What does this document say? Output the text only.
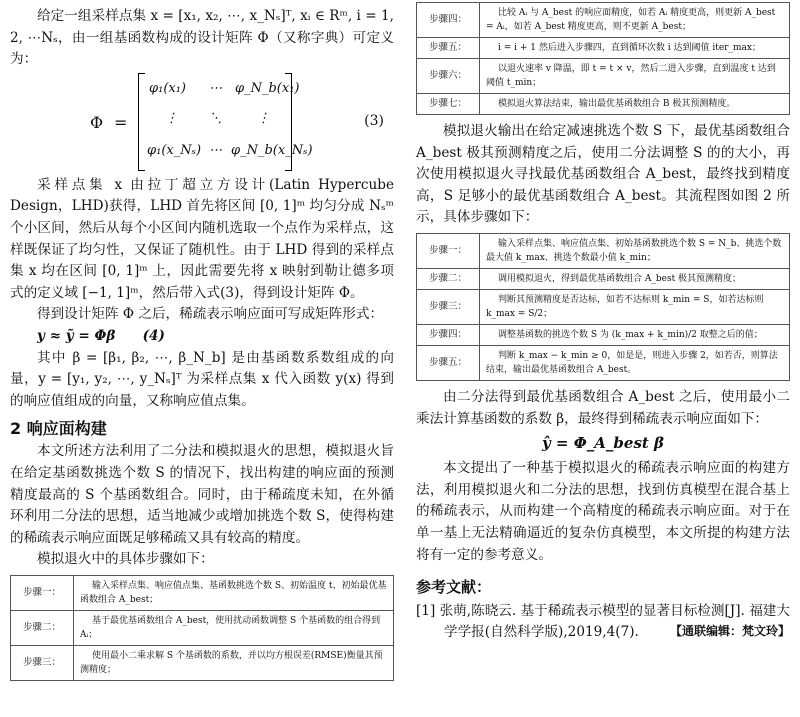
给定一组采样点集 x = [x₁, x₂, ⋯, x_Nₛ]ᵀ, xᵢ ∈ Rᵐ, i = 1, 2, ⋯Nₛ，由一组基函数构成的设计矩阵 Φ（又称字典）可定义为：

Φ =
φ₁(x₁) ⋯ φ_N_b(x₁)
⋮ ⋱	⋮
φ₁(x_Nₛ) ⋯ φ_N_b(x_Nₛ)
(3)

采样点集 x 由拉丁超立方设计(Latin Hypercube Design，LHD)获得，LHD 首先将区间 [0, 1]ᵐ 均匀分成 Nₛᵐ 个小区间，然后从每个小区间内随机选取一个点作为采样点，这样既保证了均匀性，又保证了随机性。由于 LHD 得到的采样点集 x 均在区间 [0, 1]ᵐ 上，因此需要先将 x 映射到勒让德多项式的定义域 [−1, 1]ᵐ，然后带入式(3)，得到设计矩阵 Φ。

得到设计矩阵 Φ 之后，稀疏表示响应面可写成矩阵形式：

y ≈ ỹ = Φβ　　(4)

其中 β = [β₁, β₂, ⋯, β_N_b] 是由基函数系数组成的向量，y = [y₁, y₂, ⋯, y_Nₛ]ᵀ 为采样点集 x 代入函数 y(x) 得到的响应值组成的向量，又称响应值点集。

2 响应面构建

本文所述方法利用了二分法和模拟退火的思想，模拟退火旨在给定基函数挑选个数 S 的情况下，找出构建的响应面的预测精度最高的 S 个基函数组合。同时，由于稀疏度未知，在外循环利用二分法的思想，适当地减少或增加挑选个数 S，使得构建的稀疏表示响应面既足够稀疏又具有较高的精度。

模拟退火中的具体步骤如下：

步骤一：	输入采样点集、响应值点集、基函数挑选个数 S、初始温度 t、初始最优基函数组合 A_best；
步骤二：	基于最优基函数组合 A_best，使用扰动函数调整 S 个基函数的组合得到 Aᵢ；
步骤三：	使用最小二乘求解 S 个基函数的系数，并以均方根误差(RMSE)衡量其预测精度；
步骤四：	比较 Aᵢ 与 A_best 的响应面精度，如若 Aᵢ 精度更高，则更新 A_best = Aᵢ，如若 A_best 精度更高，则不更新 A_best；
步骤五：	i = i + 1 然后进入步骤四，直到循环次数 i 达到阈值 iter_max；
步骤六：	以退火速率 v 降温，即 t = t × v，然后二进入步骤，直到温度 t 达到阈值 t_min；
步骤七：	模拟退火算法结束，输出最优基函数组合 B 极其预测精度。

模拟退火输出在给定减速挑选个数 S 下，最优基函数组合 A_best 极其预测精度之后，使用二分法调整 S 的的大小，再次使用模拟退火寻找最优基函数组合 A_best，最终找到精度高，S 足够小的最优基函数组合 A_best。其流程图如图 2 所示，具体步骤如下：

步骤一：	输入采样点集、响应值点集、初始基函数挑选个数 S = N_b、挑选个数最大值 k_max、挑选个数最小值 k_min；
步骤二：	调用模拟退火，得到最优基函数组合 A_best 极其预测精度；
步骤三：	判断其预测精度是否达标，如若不达标则 k_min = S，如若达标则 k_max = S/2；
步骤四：	调整基函数的挑选个数 S 为 (k_max + k_min)/2 取整之后的值；
步骤五：	判断 k_max − k_min ≥ 0，如是是，则进入步骤 2，如若否，则算法结束，输出最优基函数组合 A_best。

由二分法得到最优基函数组合 A_best 之后，使用最小二乘法计算基函数的系数 β，最终得到稀疏表示响应面如下：

ŷ = Φ_A_best β

本文提出了一种基于模拟退火的稀疏表示响应面的构建方法，利用模拟退火和二分法的思想，找到仿真模型在混合基上的稀疏表示，从而构建一个高精度的稀疏表示响应面。对于在单一基上无法精确逼近的复杂仿真模型，本文所提的构建方法将有一定的参考意义。

参考文献：

[1] 张萌,陈晓云. 基于稀疏表示模型的显著目标检测[J]. 福建大学学报(自然科学版),2019,4(7).	【通联编辑：梵文玲】
